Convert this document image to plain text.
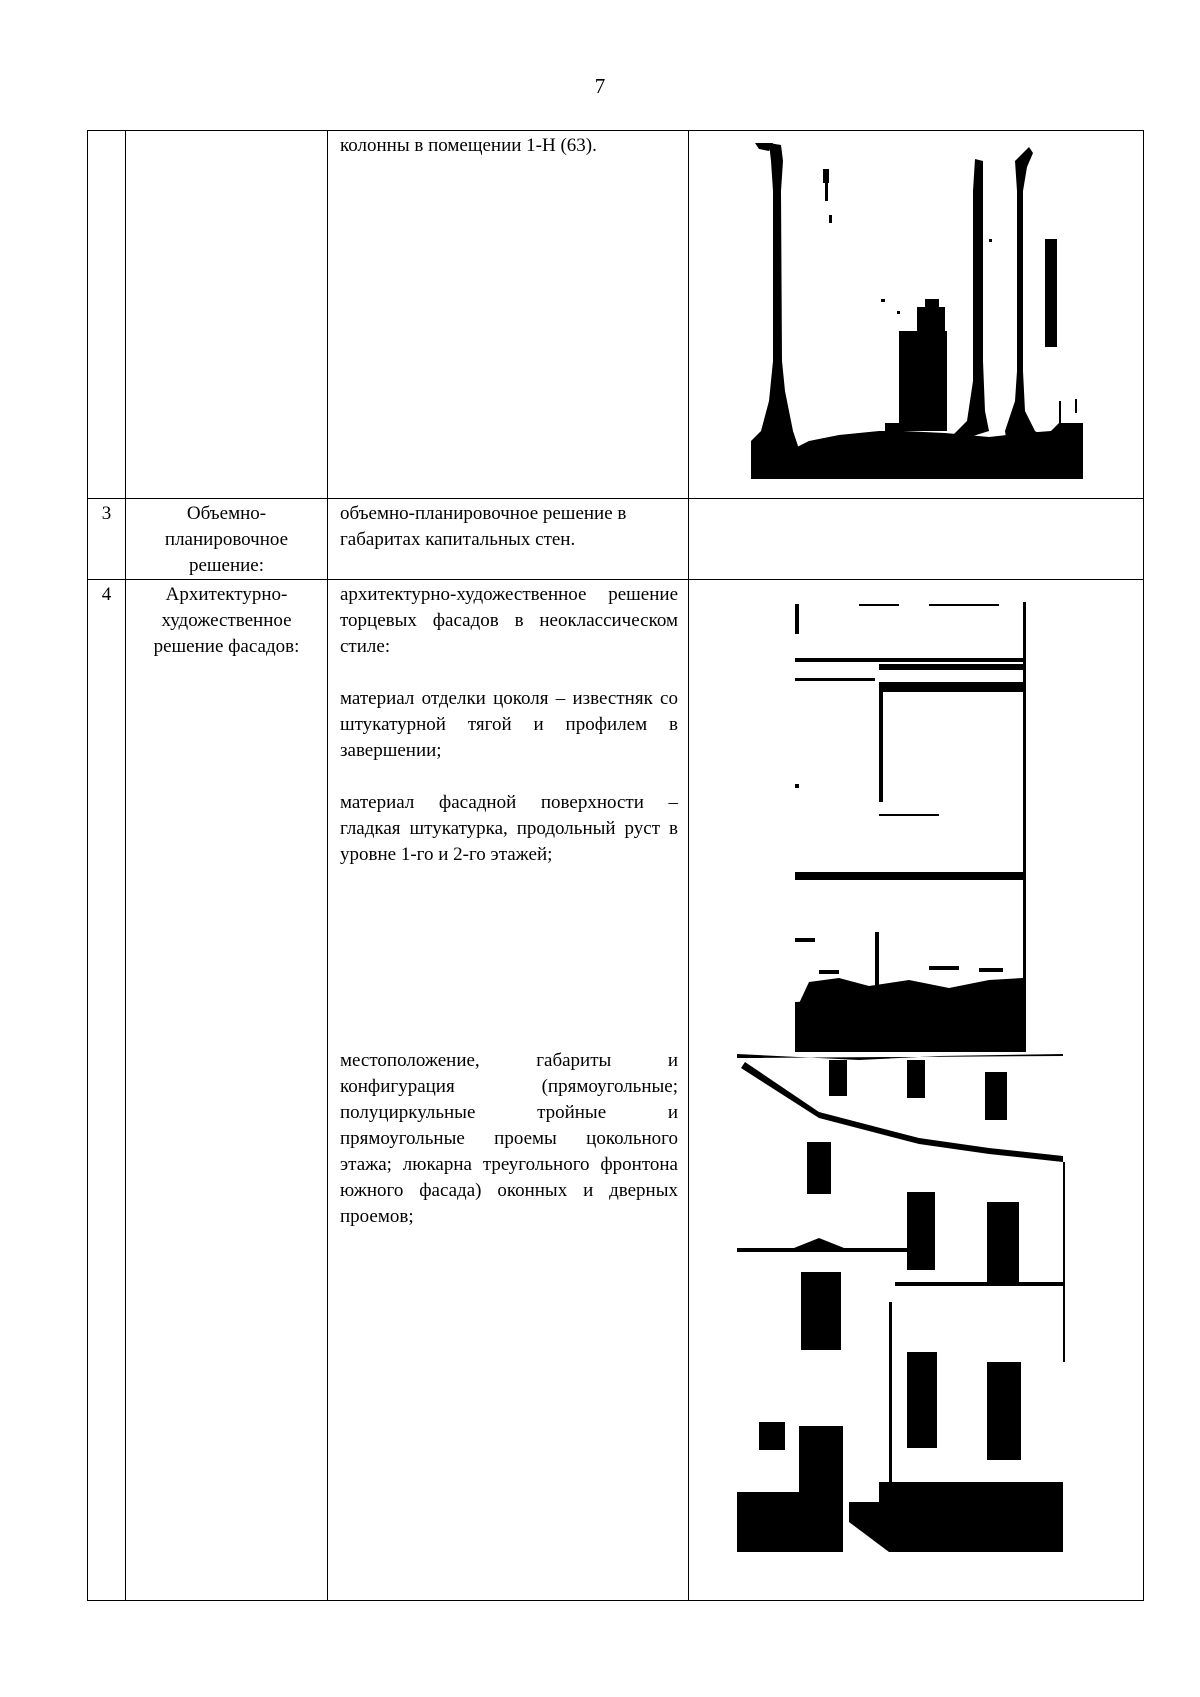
7

		колонны в помещении 1-Н (63).

3	Объемно-планировочное решение:	объемно-планировочное решение в габаритах капитальных стен.	

4	Архитектурно-художественное решение фасадов:	архитектурно-художественное решение торцевых фасадов в неоклассическом стиле:

материал отделки цоколя – известняк со штукатурной тягой и профилем в завершении;

материал фасадной поверхности – гладкая штукатурка, продольный руст в уровне 1-го и 2-го этажей;

местоположение, габариты и конфигурация (прямоугольные; полуциркульные тройные и прямоугольные проемы цокольного этажа; люкарна треугольного фронтона южного фасада) оконных и дверных проемов;
